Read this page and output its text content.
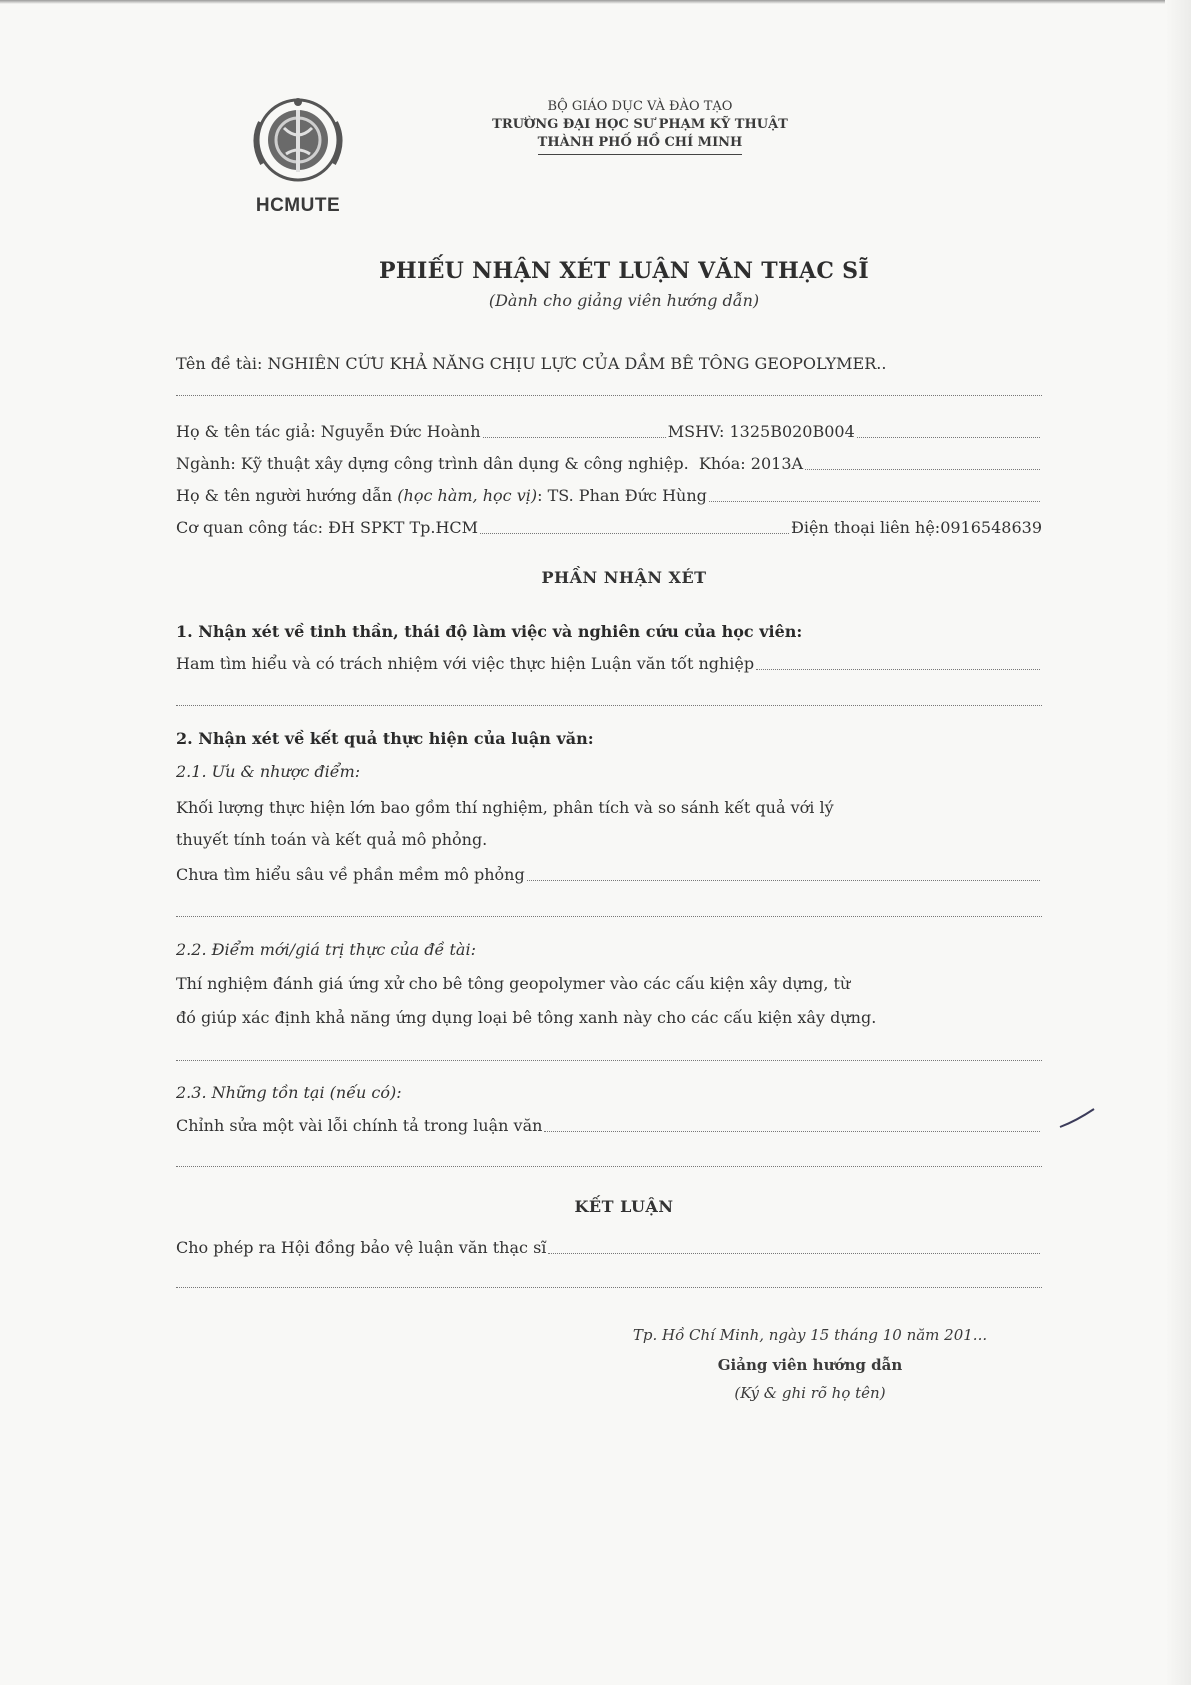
HCMUTE
BỘ GIÁO DỤC VÀ ĐÀO TẠO
TRƯỜNG ĐẠI HỌC SƯ PHẠM KỸ THUẬT
THÀNH PHỐ HỒ CHÍ MINH
PHIẾU NHẬN XÉT LUẬN VĂN THẠC SĨ
(Dành cho giảng viên hướng dẫn)
Tên đề tài: NGHIÊN CỨU KHẢ NĂNG CHỊU LỰC CỦA DẦM BÊ TÔNG GEOPOLYMER..
Họ & tên tác giả:
Nguyễn Đức Hoành	MSHV:
1325B020B004
Ngành:
Kỹ thuật xây dựng công trình dân dụng & công nghiệp.
Khóa:
2013A
Họ & tên người hướng dẫn
(học hàm, học vị) : TS. Phan Đức Hùng
Cơ quan công tác:
ĐH SPKT Tp.HCM	Điện thoại liên hệ: 0916548639
PHẦN NHẬN XÉT
1. Nhận xét về tinh thần, thái độ làm việc và nghiên cứu của học viên:
Ham tìm hiểu và có trách nhiệm với việc thực hiện Luận văn tốt nghiệp
2. Nhận xét về kết quả thực hiện của luận văn:
2.1. Ưu & nhược điểm:
Khối lượng thực hiện lớn bao gồm thí nghiệm, phân tích và so sánh kết quả với lý
thuyết tính toán và kết quả mô phỏng.
Chưa tìm hiểu sâu về phần mềm mô phỏng
2.2. Điểm mới/giá trị thực của đề tài:
Thí nghiệm đánh giá ứng xử cho bê tông geopolymer vào các cấu kiện xây dựng, từ
đó giúp xác định khả năng ứng dụng loại bê tông xanh này cho các cấu kiện xây dựng.
2.3. Những tồn tại (nếu có):
Chỉnh sửa một vài lỗi chính tả trong luận văn
KẾT LUẬN
Cho phép ra Hội đồng bảo vệ luận văn thạc sĩ
Tp. Hồ Chí Minh, ngày 15 tháng 10 năm 201...
Giảng viên hướng dẫn
(Ký & ghi rõ họ tên)
